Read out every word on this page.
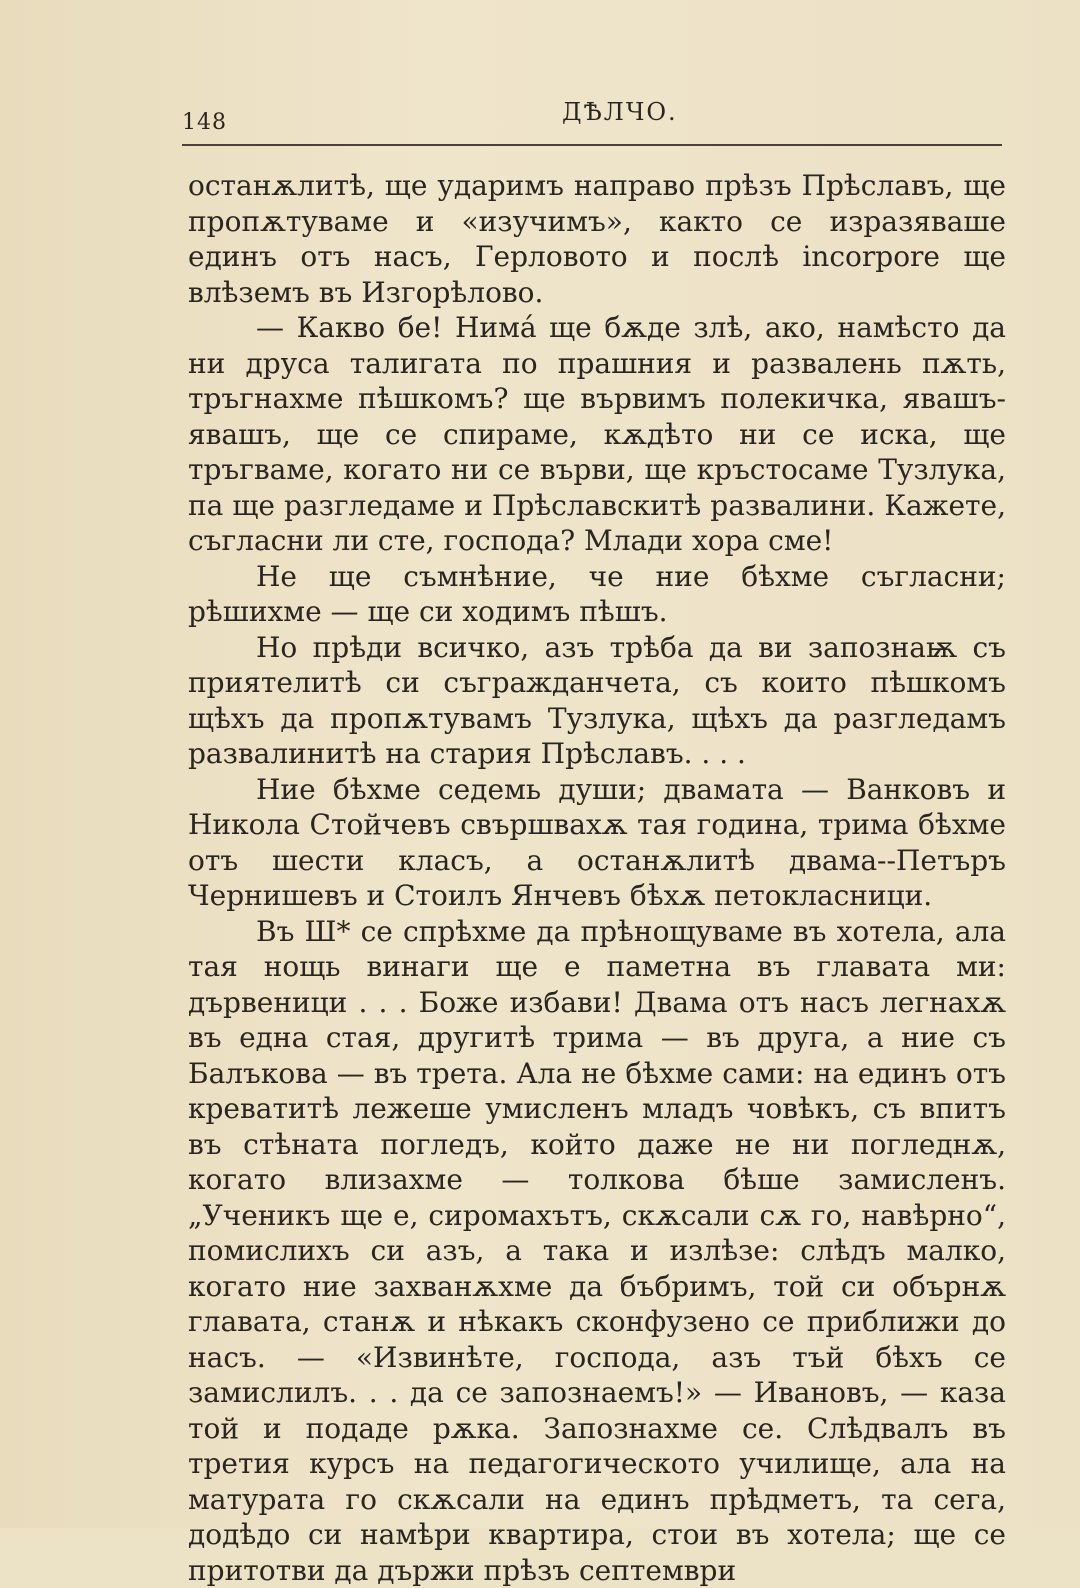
148	ДѢЛЧО.

останѫлитѣ, ще ударимъ направо прѣзъ Прѣславъ, ще пропѫтуваме и «изучимъ», както се изразяваше единъ отъ насъ, Герловото и послѣ incorpore ще влѣземъ въ Изгорѣлово.

— Какво бе! Нима́ ще бѫде злѣ, ако, намѣсто да ни друса талигата по прашния и развалень пѫть, тръгнахме пѣшкомъ? ще вървимъ полекичка, явашъ-явашъ, ще се спираме, кѫдѣто ни се иска, ще тръгваме, когато ни се върви, ще кръстосаме Тузлука, па ще разгледаме и Прѣславскитѣ развалини. Кажете, съгласни ли сте, господа? Млади хора сме!

Не ще съмнѣние, че ние бѣхме съгласни; рѣшихме — ще си ходимъ пѣшъ.

Но прѣди всичко, азъ трѣба да ви запознаѭ съ приятелитѣ си съгражданчета, съ които пѣшкомъ щѣхъ да пропѫтувамъ Тузлука, щѣхъ да разгледамъ развалинитѣ на стария Прѣславъ. . . .

Ние бѣхме седемь души; двамата — Ванковъ и Никола Стойчевъ свършвахѫ тая година, трима бѣхме отъ шести класъ, а останѫлитѣ двама--Петъръ Чернишевъ и Стоилъ Янчевъ бѣхѫ петокласници.

Въ Ш* се спрѣхме да прѣнощуваме въ хотела, ала тая нощь винаги ще е паметна въ главата ми: дървеници . . . Боже избави! Двама отъ насъ легнахѫ въ една стая, другитѣ трима — въ друга, а ние съ Балъкова — въ трета. Ала не бѣхме сами: на единъ отъ креватитѣ лежеше умисленъ младъ човѣкъ, съ впитъ въ стѣната погледъ, който даже не ни погледнѫ, когато влизахме — толкова бѣше замисленъ. „Ученикъ ще е, сиромахътъ, скѫсали сѫ го, навѣрно“, помислихъ си азъ, а така и излѣзе: слѣдъ малко, когато ние захванѫхме да бъбримъ, той си обърнѫ главата, станѫ и нѣкакъ сконфузено се приближи до насъ. — «Извинѣте, господа, азъ тъй бѣхъ се замислилъ. . . да се запознаемъ!» — Ивановъ, — каза той и подаде рѫка. Запознахме се. Слѣдвалъ въ третия курсъ на педагогическото училище, ала на матурата го скѫсали на единъ прѣдметъ, та сега, додѣдо си намѣри квартира, стои въ хотела; ще се притотви да държи прѣзъ септември
